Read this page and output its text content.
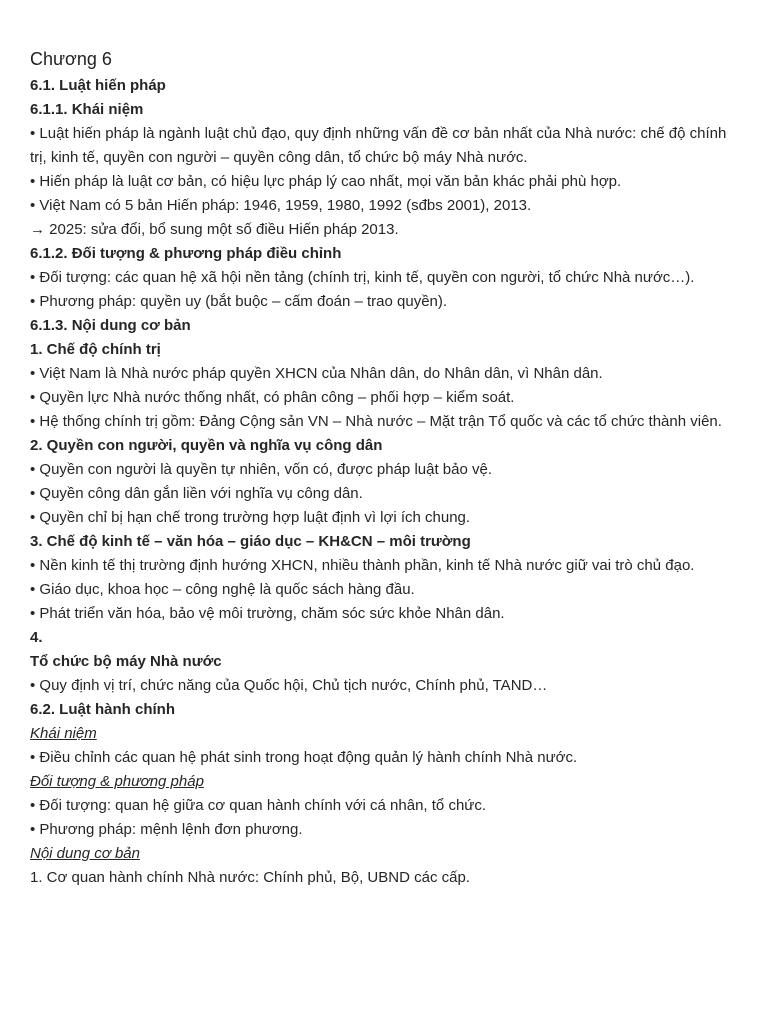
Chương 6

6.1. Luật hiến pháp

6.1.1. Khái niệm

• Luật hiến pháp là ngành luật chủ đạo, quy định những vấn đề cơ bản nhất của Nhà nước: chế độ chính trị, kinh tế, quyền con người – quyền công dân, tổ chức bộ máy Nhà nước.

• Hiến pháp là luật cơ bản, có hiệu lực pháp lý cao nhất, mọi văn bản khác phải phù hợp.

• Việt Nam có 5 bản Hiến pháp: 1946, 1959, 1980, 1992 (sđbs 2001), 2013.

→ 2025: sửa đổi, bổ sung một số điều Hiến pháp 2013.

6.1.2. Đối tượng & phương pháp điều chỉnh

• Đối tượng: các quan hệ xã hội nền tảng (chính trị, kinh tế, quyền con người, tổ chức Nhà nước…).

• Phương pháp: quyền uy (bắt buộc – cấm đoán – trao quyền).

6.1.3. Nội dung cơ bản

1. Chế độ chính trị

• Việt Nam là Nhà nước pháp quyền XHCN của Nhân dân, do Nhân dân, vì Nhân dân.

• Quyền lực Nhà nước thống nhất, có phân công – phối hợp – kiểm soát.

• Hệ thống chính trị gồm: Đảng Cộng sản VN – Nhà nước – Mặt trận Tổ quốc và các tổ chức thành viên.

2. Quyền con người, quyền và nghĩa vụ công dân

• Quyền con người là quyền tự nhiên, vốn có, được pháp luật bảo vệ.

• Quyền công dân gắn liền với nghĩa vụ công dân.

• Quyền chỉ bị hạn chế trong trường hợp luật định vì lợi ích chung.

3. Chế độ kinh tế – văn hóa – giáo dục – KH&CN – môi trường

• Nền kinh tế thị trường định hướng XHCN, nhiều thành phần, kinh tế Nhà nước giữ vai trò chủ đạo.

• Giáo dục, khoa học – công nghệ là quốc sách hàng đầu.

• Phát triển văn hóa, bảo vệ môi trường, chăm sóc sức khỏe Nhân dân.

4.

Tổ chức bộ máy Nhà nước

• Quy định vị trí, chức năng của Quốc hội, Chủ tịch nước, Chính phủ, TAND…

6.2. Luật hành chính

Khái niệm

• Điều chỉnh các quan hệ phát sinh trong hoạt động quản lý hành chính Nhà nước.

Đối tượng & phương pháp

• Đối tượng: quan hệ giữa cơ quan hành chính với cá nhân, tổ chức.

• Phương pháp: mệnh lệnh đơn phương.

Nội dung cơ bản

1. Cơ quan hành chính Nhà nước: Chính phủ, Bộ, UBND các cấp.
